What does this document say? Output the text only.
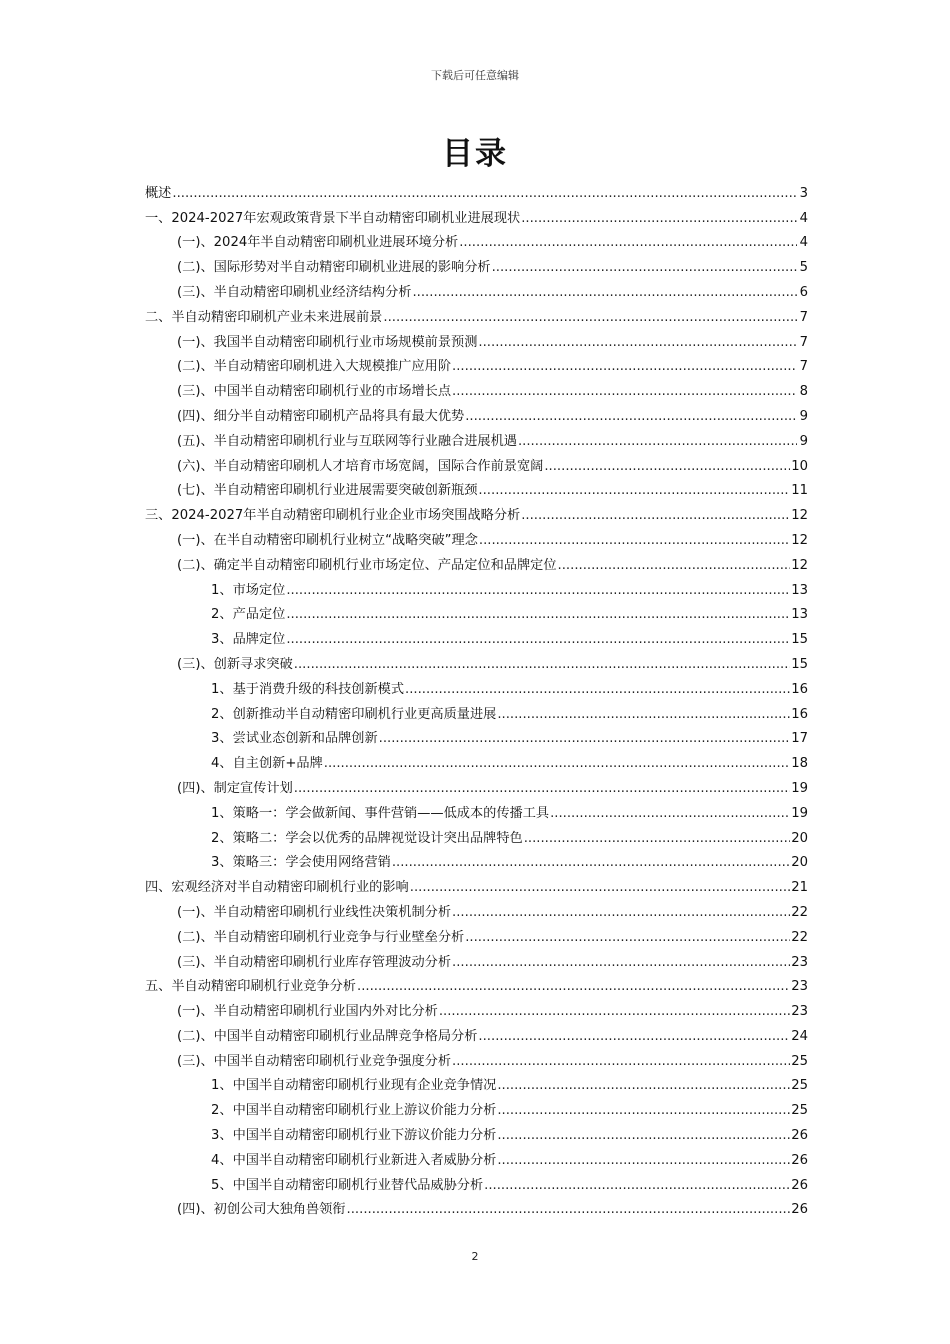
下载后可任意编辑
目录
概述 .....	3
一、2024-2027年宏观政策背景下半自动精密印刷机业进展现状 .....	4
(一)、2024年半自动精密印刷机业进展环境分析 .....	4
(二)、国际形势对半自动精密印刷机业进展的影响分析 .....	5
(三)、半自动精密印刷机业经济结构分析 .....	6
二、半自动精密印刷机产业未来进展前景 .....	7
(一)、我国半自动精密印刷机行业市场规模前景预测 .....	7
(二)、半自动精密印刷机进入大规模推广应用阶 .....	7
(三)、中国半自动精密印刷机行业的市场增长点 .....	8
(四)、细分半自动精密印刷机产品将具有最大优势 .....	9
(五)、半自动精密印刷机行业与互联网等行业融合进展机遇 .....	9
(六)、半自动精密印刷机人才培育市场宽阔，国际合作前景宽阔 .....	10
(七)、半自动精密印刷机行业进展需要突破创新瓶颈 .....	11
三、2024-2027年半自动精密印刷机行业企业市场突围战略分析 .....	12
(一)、在半自动精密印刷机行业树立“战略突破”理念 .....	12
(二)、确定半自动精密印刷机行业市场定位、产品定位和品牌定位 .....	12
1、市场定位 .....	13
2、产品定位 .....	13
3、品牌定位 .....	15
(三)、创新寻求突破 .....	15
1、基于消费升级的科技创新模式 .....	16
2、创新推动半自动精密印刷机行业更高质量进展 .....	16
3、尝试业态创新和品牌创新 .....	17
4、自主创新+品牌 .....	18
(四)、制定宣传计划 .....	19
1、策略一：学会做新闻、事件营销——低成本的传播工具 .....	19
2、策略二：学会以优秀的品牌视觉设计突出品牌特色 .....	20
3、策略三：学会使用网络营销 .....	20
四、宏观经济对半自动精密印刷机行业的影响 .....	21
(一)、半自动精密印刷机行业线性决策机制分析 .....	22
(二)、半自动精密印刷机行业竞争与行业壁垒分析 .....	22
(三)、半自动精密印刷机行业库存管理波动分析 .....	23
五、半自动精密印刷机行业竞争分析 .....	23
(一)、半自动精密印刷机行业国内外对比分析 .....	23
(二)、中国半自动精密印刷机行业品牌竞争格局分析 .....	24
(三)、中国半自动精密印刷机行业竞争强度分析 .....	25
1、中国半自动精密印刷机行业现有企业竞争情况 .....	25
2、中国半自动精密印刷机行业上游议价能力分析 .....	25
3、中国半自动精密印刷机行业下游议价能力分析 .....	26
4、中国半自动精密印刷机行业新进入者威胁分析 .....	26
5、中国半自动精密印刷机行业替代品威胁分析 .....	26
(四)、初创公司大独角兽领衔 .....	26
2
